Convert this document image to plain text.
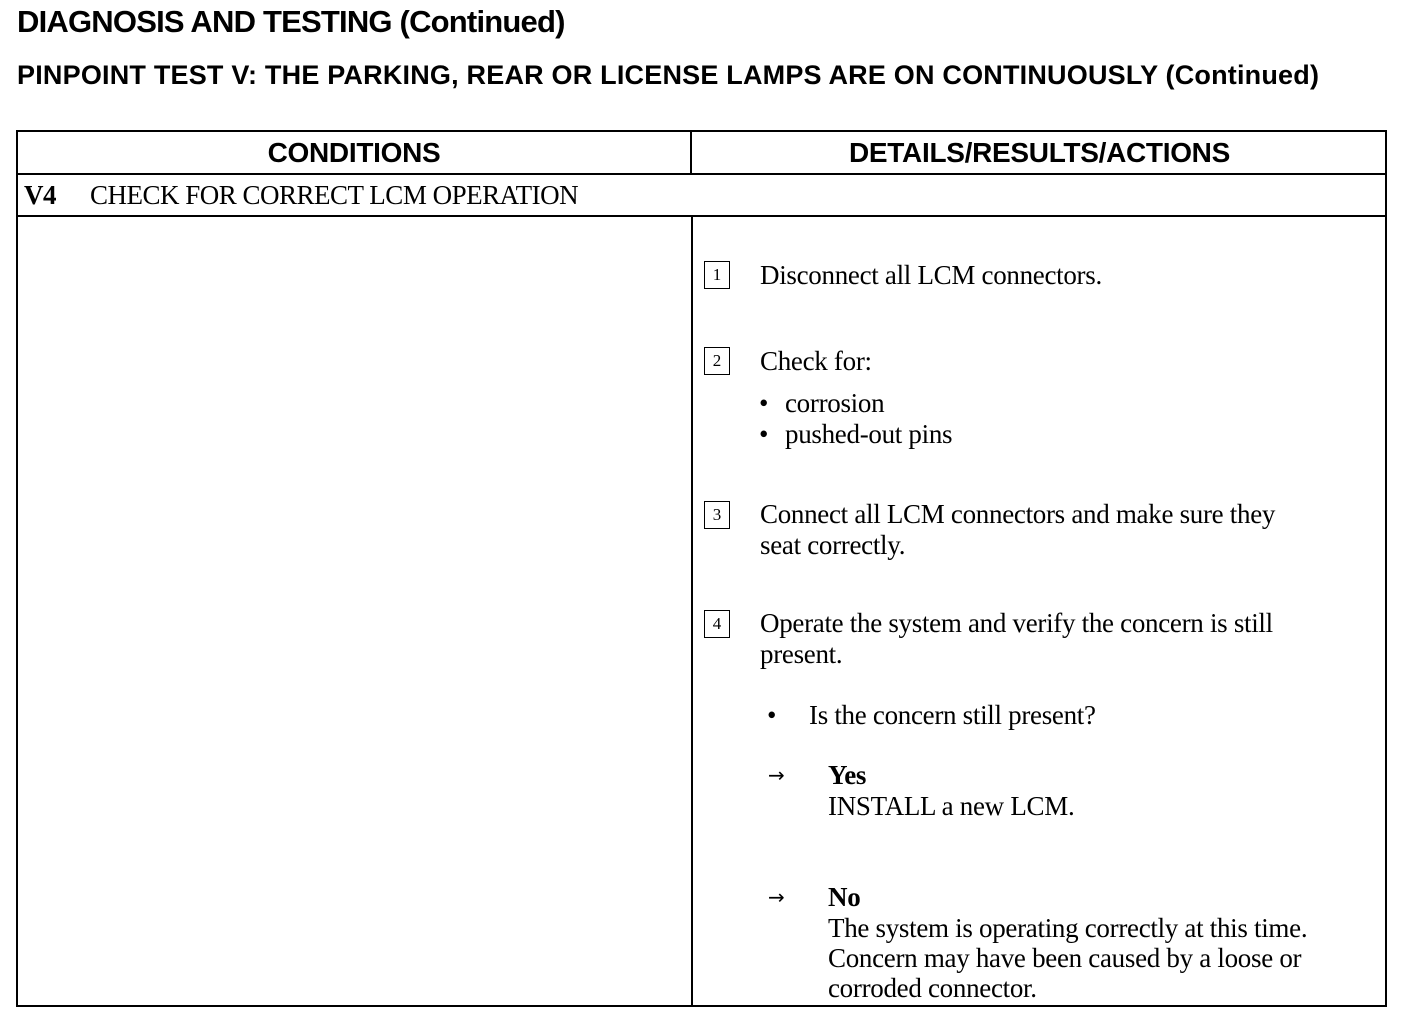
DIAGNOSIS AND TESTING (Continued)
PINPOINT TEST V: THE PARKING, REAR OR LICENSE LAMPS ARE ON CONTINUOUSLY (Continued)
CONDITIONS	DETAILS/RESULTS/ACTIONS
V4 CHECK FOR CORRECT LCM OPERATION
1	Disconnect all LCM connectors.
2	Check for:
• corrosion
• pushed-out pins
3	Connect all LCM connectors and make sure they
seat correctly.
4	Operate the system and verify the concern is still
present.
• Is the concern still present?
→ Yes
INSTALL a new LCM.
→ No
The system is operating correctly at this time.
Concern may have been caused by a loose or
corroded connector.
